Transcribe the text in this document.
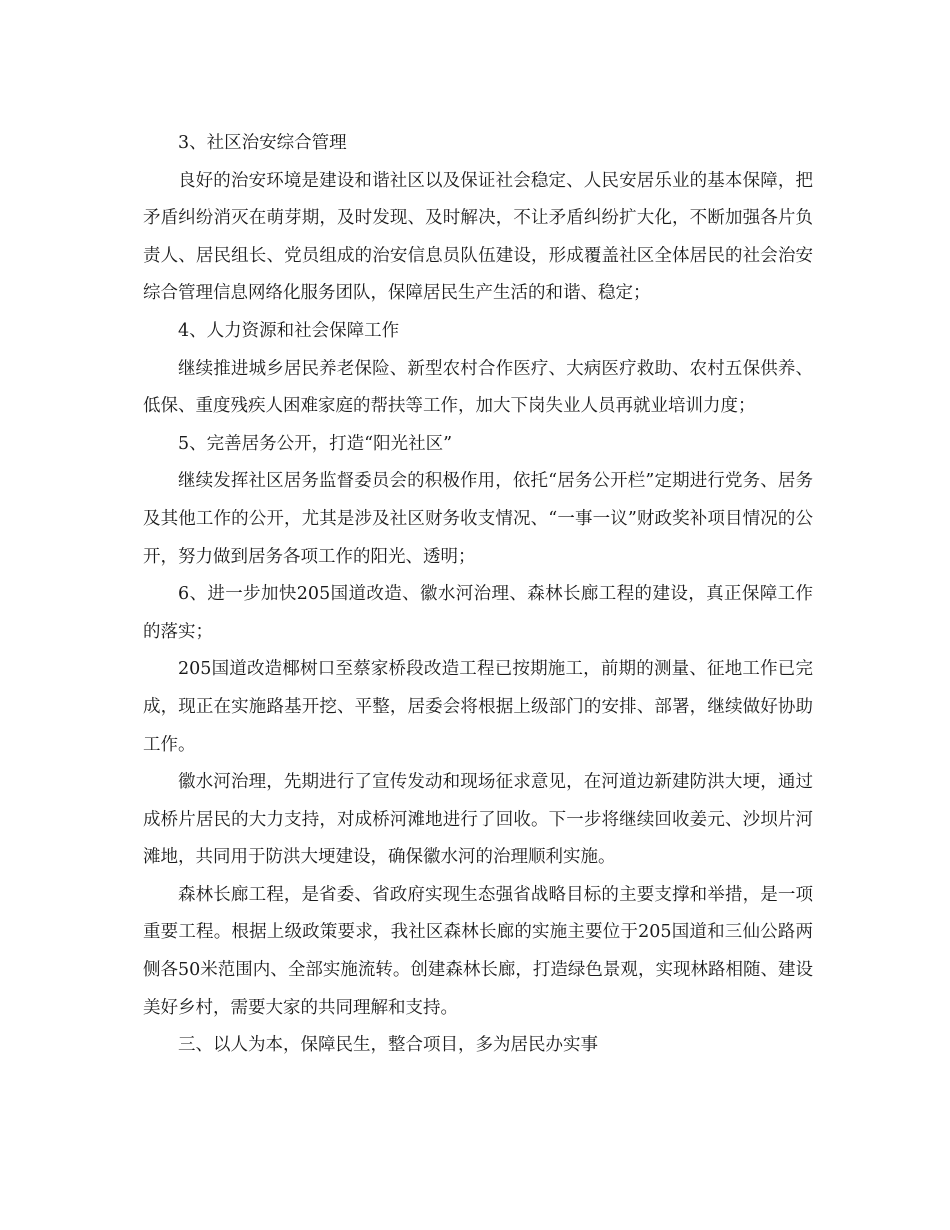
3、社区治安综合管理

良好的治安环境是建设和谐社区以及保证社会稳定、人民安居乐业的基本保障，把矛盾纠纷消灭在萌芽期，及时发现、及时解决，不让矛盾纠纷扩大化，不断加强各片负责人、居民组长、党员组成的治安信息员队伍建设，形成覆盖社区全体居民的社会治安综合管理信息网络化服务团队，保障居民生产生活的和谐、稳定；

4、人力资源和社会保障工作

继续推进城乡居民养老保险、新型农村合作医疗、大病医疗救助、农村五保供养、低保、重度残疾人困难家庭的帮扶等工作，加大下岗失业人员再就业培训力度；

5、完善居务公开，打造“阳光社区”

继续发挥社区居务监督委员会的积极作用，依托“居务公开栏”定期进行党务、居务及其他工作的公开，尤其是涉及社区财务收支情况、“一事一议”财政奖补项目情况的公开，努力做到居务各项工作的阳光、透明；

6、进一步加快205国道改造、徽水河治理、森林长廊工程的建设，真正保障工作的落实；

205国道改造椰树口至蔡家桥段改造工程已按期施工，前期的测量、征地工作已完成，现正在实施路基开挖、平整，居委会将根据上级部门的安排、部署，继续做好协助工作。

徽水河治理，先期进行了宣传发动和现场征求意见，在河道边新建防洪大埂，通过成桥片居民的大力支持，对成桥河滩地进行了回收。下一步将继续回收姜元、沙坝片河滩地，共同用于防洪大埂建设，确保徽水河的治理顺利实施。

森林长廊工程，是省委、省政府实现生态强省战略目标的主要支撑和举措，是一项重要工程。根据上级政策要求，我社区森林长廊的实施主要位于205国道和三仙公路两侧各50米范围内、全部实施流转。创建森林长廊，打造绿色景观，实现林路相随、建设美好乡村，需要大家的共同理解和支持。

三、以人为本，保障民生，整合项目，多为居民办实事
